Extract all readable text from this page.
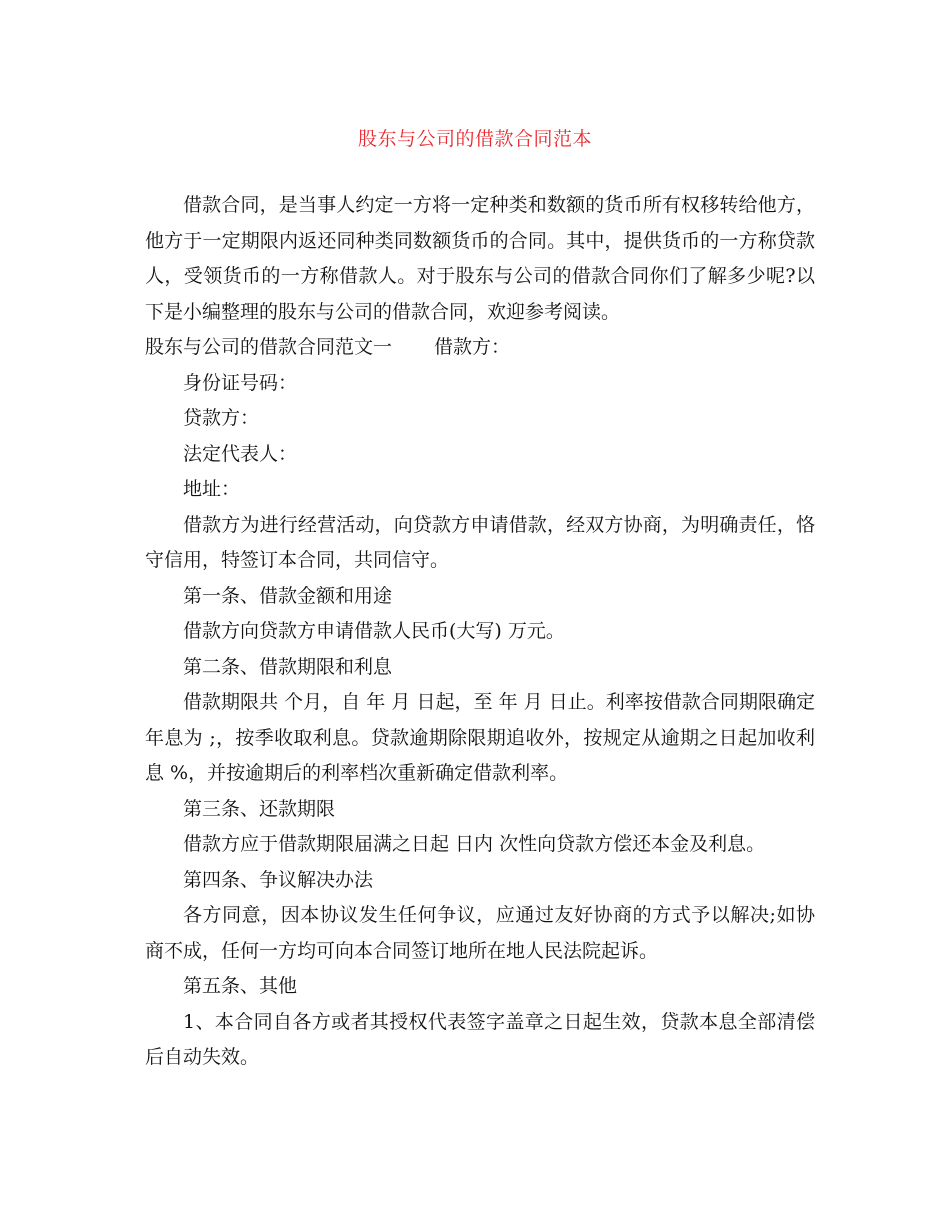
股东与公司的借款合同范本

借款合同，是当事人约定一方将一定种类和数额的货币所有权移转给他方，他方于一定期限内返还同种类同数额货币的合同。其中，提供货币的一方称贷款人，受领货币的一方称借款人。对于股东与公司的借款合同你们了解多少呢?以下是小编整理的股东与公司的借款合同，欢迎参考阅读。

股东与公司的借款合同范文一 借款方：

身份证号码：

贷款方：

法定代表人：

地址：

借款方为进行经营活动，向贷款方申请借款，经双方协商，为明确责任，恪守信用，特签订本合同，共同信守。

第一条、借款金额和用途

借款方向贷款方申请借款人民币(大写) 万元。

第二条、借款期限和利息

借款期限共 个月，自 年 月 日起，至 年 月 日止。利率按借款合同期限确定年息为 ;，按季收取利息。贷款逾期除限期追收外，按规定从逾期之日起加收利息 %，并按逾期后的利率档次重新确定借款利率。

第三条、还款期限

借款方应于借款期限届满之日起 日内 次性向贷款方偿还本金及利息。

第四条、争议解决办法

各方同意，因本协议发生任何争议，应通过友好协商的方式予以解决;如协商不成，任何一方均可向本合同签订地所在地人民法院起诉。

第五条、其他

1、本合同自各方或者其授权代表签字盖章之日起生效，贷款本息全部清偿后自动失效。
